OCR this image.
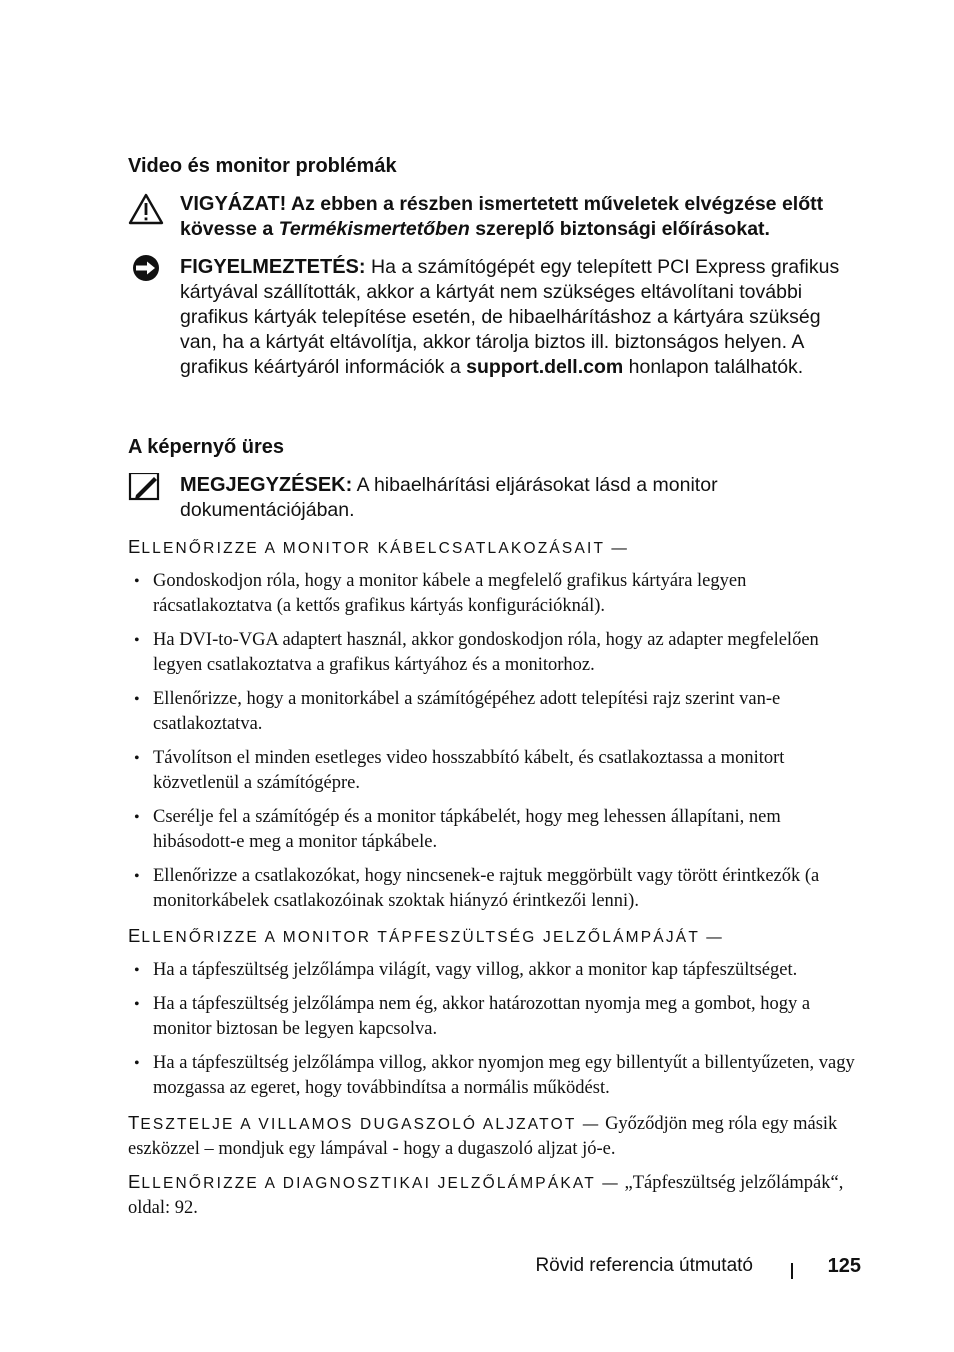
Video és monitor problémák
VIGYÁZAT! Az ebben a részben ismertetett műveletek elvégzése előtt kövesse a Termékismertetőben szereplő biztonsági előírásokat.
FIGYELMEZTETÉS: Ha a számítógépét egy telepített PCI Express grafikus kártyával szállították, akkor a kártyát nem szükséges eltávolítani további grafikus kártyák telepítése esetén, de hibaelhárításhoz a kártyára szükség van, ha a kártyát eltávolítja, akkor tárolja biztos ill. biztonságos helyen. A grafikus kéártyáról információk a support.dell.com honlapon találhatók.
A képernyő üres
MEGJEGYZÉSEK: A hibaelhárítási eljárásokat lásd a monitor dokumentációjában.
ELLENŐRIZZE A MONITOR KÁBELCSATLAKOZÁSAIT —
• Gondoskodjon róla, hogy a monitor kábele a megfelelő grafikus kártyára legyen rácsatlakoztatva (a kettős grafikus kártyás konfigurációknál).
• Ha DVI-to-VGA adaptert használ, akkor gondoskodjon róla, hogy az adapter megfelelően legyen csatlakoztatva a grafikus kártyához és a monitorhoz.
• Ellenőrizze, hogy a monitorkábel a számítógépéhez adott telepítési rajz szerint van-e csatlakoztatva.
• Távolítson el minden esetleges video hosszabbító kábelt, és csatlakoztassa a monitort közvetlenül a számítógépre.
• Cserélje fel a számítógép és a monitor tápkábelét, hogy meg lehessen állapítani, nem hibásodott-e meg a monitor tápkábele.
• Ellenőrizze a csatlakozókat, hogy nincsenek-e rajtuk meggörbült vagy törött érintkezők (a monitorkábelek csatlakozóinak szoktak hiányzó érintkezői lenni).
ELLENŐRIZZE A MONITOR TÁPFESZÜLTSÉG JELZŐLÁMPÁJÁT —
• Ha a tápfeszültség jelzőlámpa világít, vagy villog, akkor a monitor kap tápfeszültséget.
• Ha a tápfeszültség jelzőlámpa nem ég, akkor határozottan nyomja meg a gombot, hogy a monitor biztosan be legyen kapcsolva.
• Ha a tápfeszültség jelzőlámpa villog, akkor nyomjon meg egy billentyűt a billentyűzeten, vagy mozgassa az egeret, hogy továbbindítsa a normális működést.
TESZTELJE A VILLAMOS DUGASZOLÓ ALJZATOT — Győződjön meg róla egy másik eszközzel – mondjuk egy lámpával - hogy a dugaszoló aljzat jó-e.
ELLENŐRIZZE A DIAGNOSZTIKAI JELZŐLÁMPÁKAT — „Tápfeszültség jelzőlámpák“, oldal: 92.
Rövid referencia útmutató	125
